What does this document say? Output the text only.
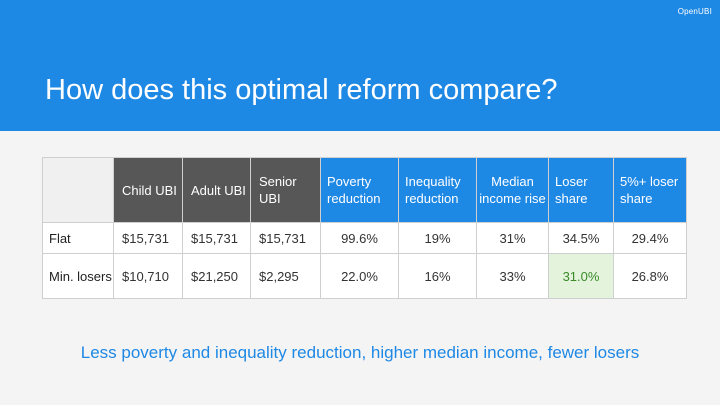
OpenUBI
How does this optimal reform compare?
	Child UBI	Adult UBI	Senior UBI	Poverty reduction	Inequality reduction	Median income rise	Loser share	5%+ loser share
Flat	$15,731	$15,731	$15,731	99.6%	19%	31%	34.5%	29.4%
Min. losers	$10,710	$21,250	$2,295	22.0%	16%	33%	31.0%	26.8%
Less poverty and inequality reduction, higher median income, fewer losers
